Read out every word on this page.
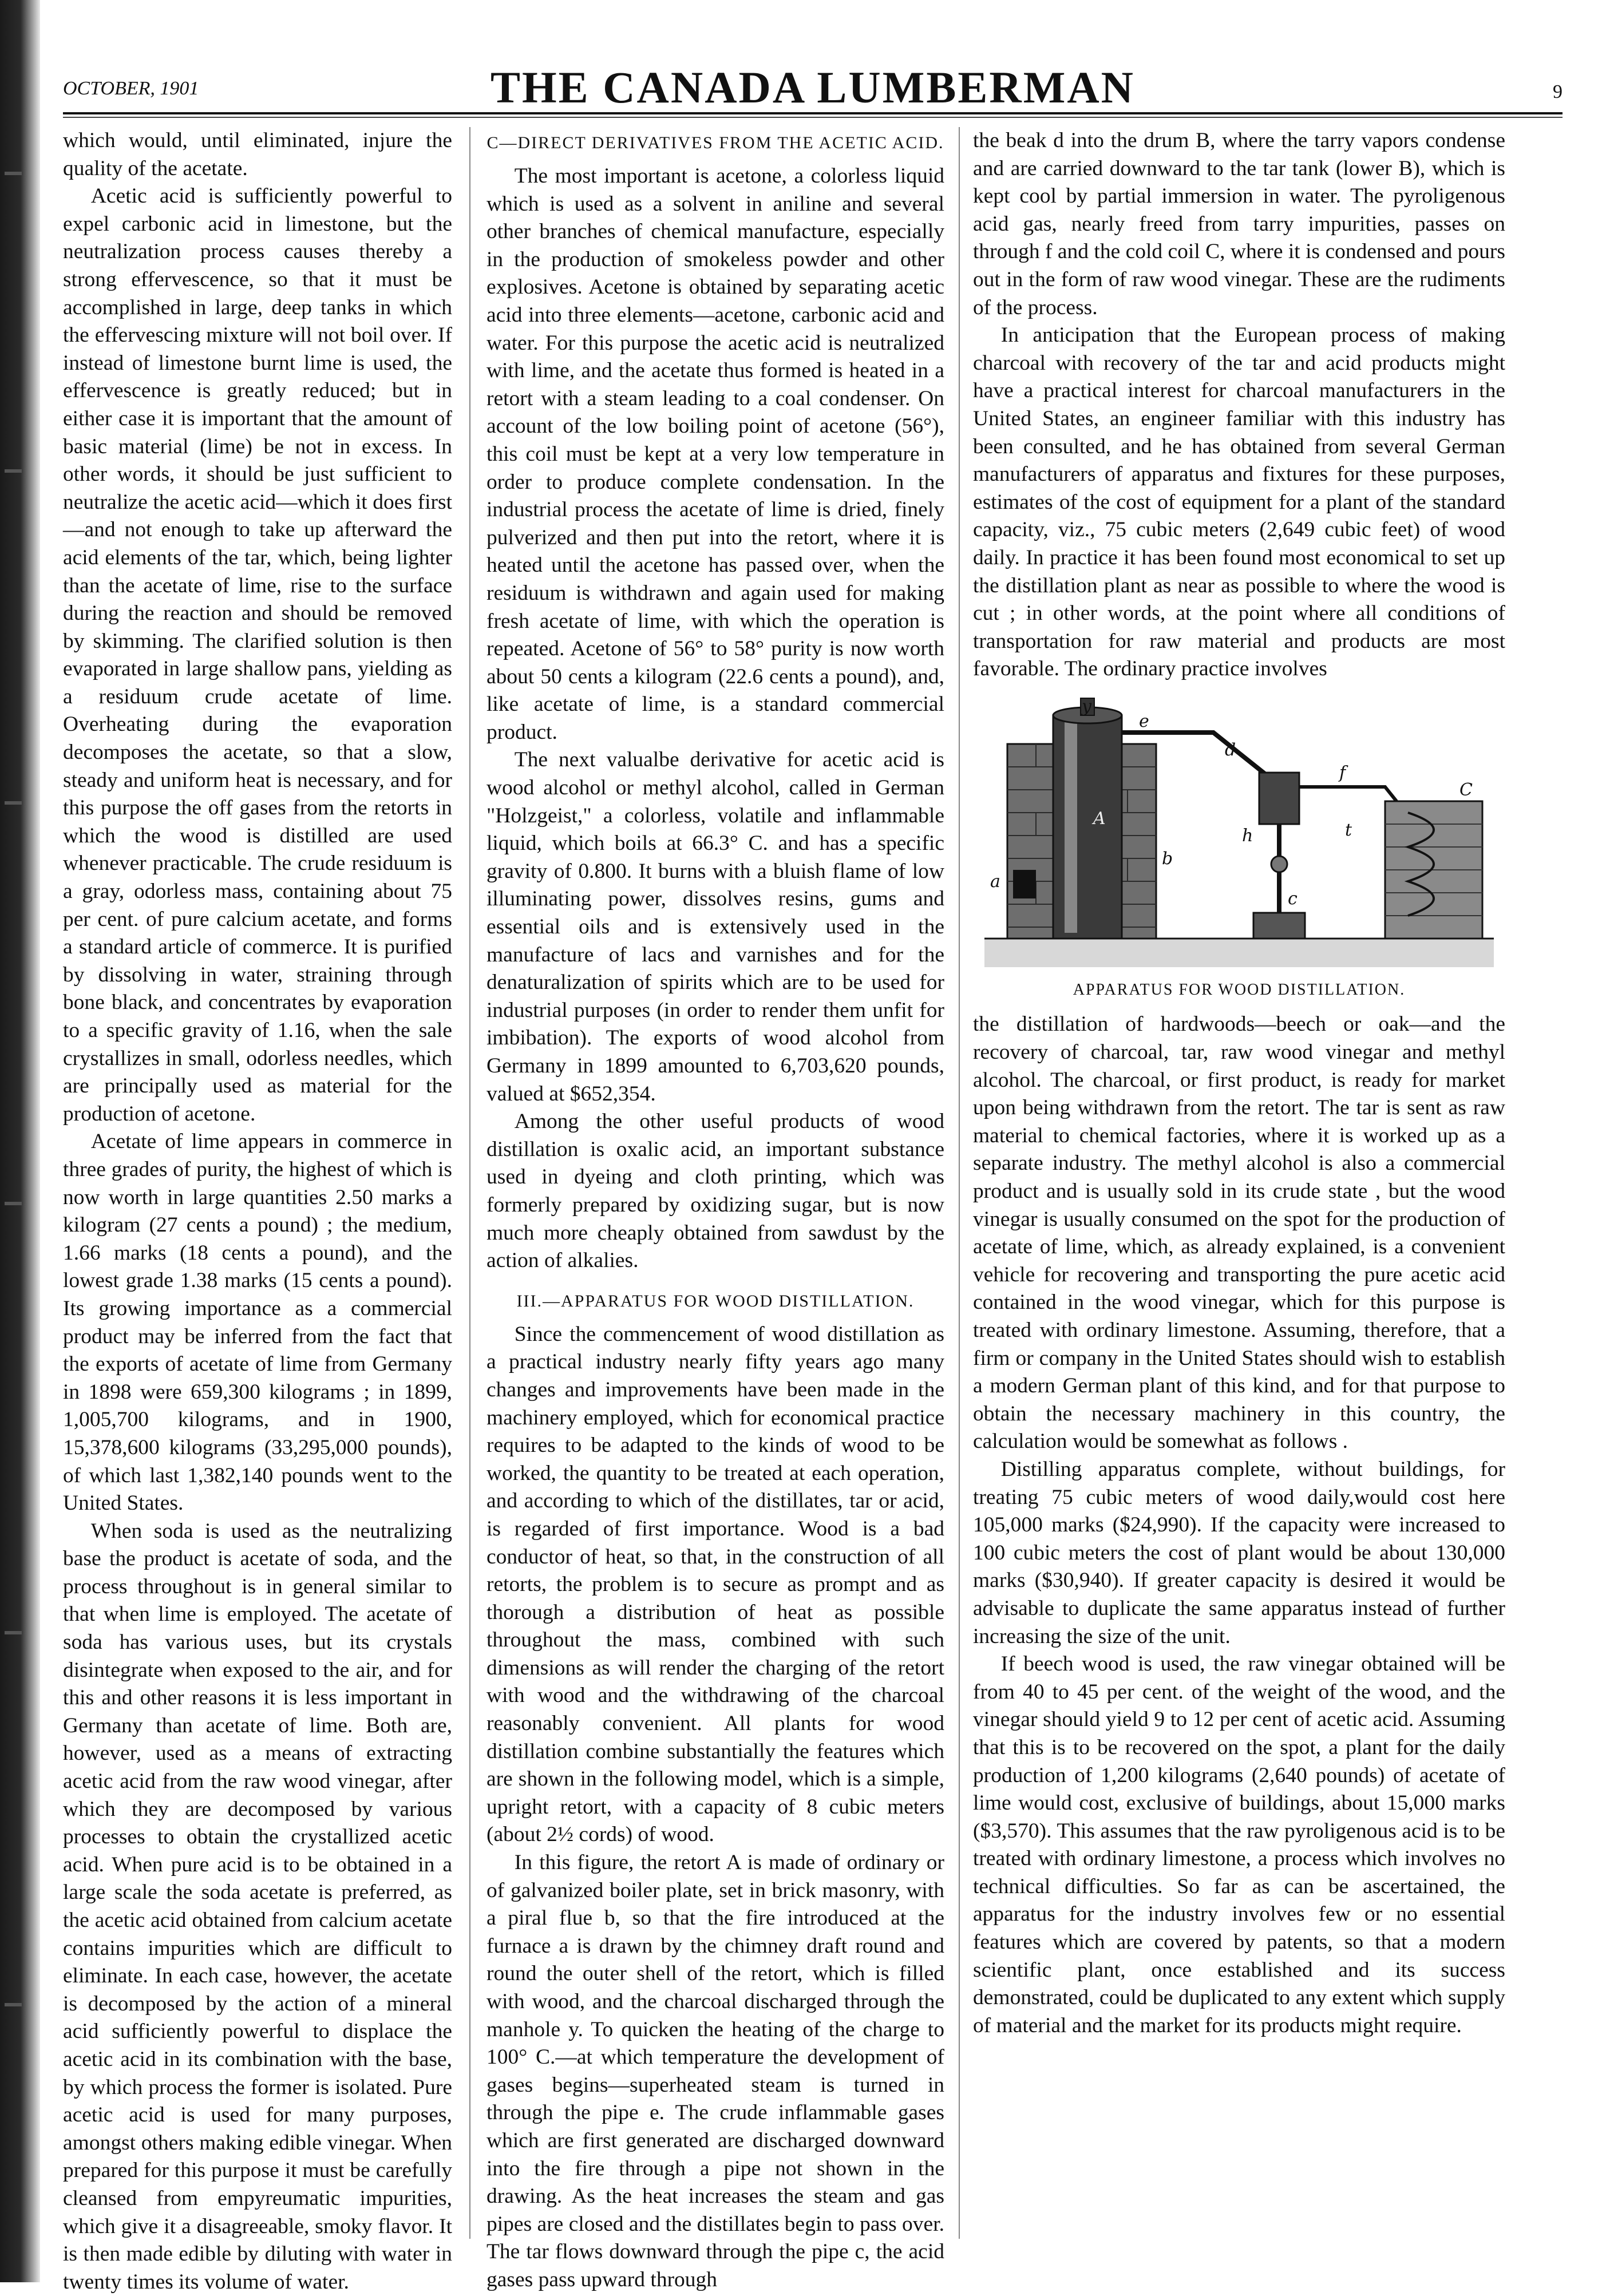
OCTOBER, 1901	THE CANADA LUMBERMAN	9

which would, until eliminated, injure the quality of the acetate.

Acetic acid is sufficiently powerful to expel carbonic acid in limestone, but the neutralization process causes thereby a strong effervescence, so that it must be accomplished in large, deep tanks in which the effervescing mixture will not boil over. If instead of limestone burnt lime is used, the effervescence is greatly reduced; but in either case it is important that the amount of basic material (lime) be not in excess. In other words, it should be just sufficient to neutralize the acetic acid—which it does first—and not enough to take up afterward the acid elements of the tar, which, being lighter than the acetate of lime, rise to the surface during the reaction and should be removed by skimming. The clarified solution is then evaporated in large shallow pans, yielding as a residuum crude acetate of lime. Overheating during the evaporation decomposes the acetate, so that a slow, steady and uniform heat is necessary, and for this purpose the off gases from the retorts in which the wood is distilled are used whenever practicable. The crude residuum is a gray, odorless mass, containing about 75 per cent. of pure calcium acetate, and forms a standard article of commerce. It is purified by dissolving in water, straining through bone black, and concentrates by evaporation to a specific gravity of 1.16, when the sale crystallizes in small, odorless needles, which are principally used as material for the production of acetone.

Acetate of lime appears in commerce in three grades of purity, the highest of which is now worth in large quantities 2.50 marks a kilogram (27 cents a pound) ; the medium, 1.66 marks (18 cents a pound), and the lowest grade 1.38 marks (15 cents a pound). Its growing importance as a commercial product may be inferred from the fact that the exports of acetate of lime from Germany in 1898 were 659,300 kilograms ; in 1899, 1,005,700 kilograms, and in 1900, 15,378,600 kilograms (33,295,000 pounds), of which last 1,382,140 pounds went to the United States.

When soda is used as the neutralizing base the product is acetate of soda, and the process throughout is in general similar to that when lime is employed. The acetate of soda has various uses, but its crystals disintegrate when exposed to the air, and for this and other reasons it is less important in Germany than acetate of lime. Both are, however, used as a means of extracting acetic acid from the raw wood vinegar, after which they are decomposed by various processes to obtain the crystallized acetic acid. When pure acid is to be obtained in a large scale the soda acetate is preferred, as the acetic acid obtained from calcium acetate contains impurities which are difficult to eliminate. In each case, however, the acetate is decomposed by the action of a mineral acid sufficiently powerful to displace the acetic acid in its combination with the base, by which process the former is isolated. Pure acetic acid is used for many purposes, amongst others making edible vinegar. When prepared for this purpose it must be carefully cleansed from empyreumatic impurities, which give it a disagreeable, smoky flavor. It is then made edible by diluting with water in twenty times its volume of water.

C—DIRECT DERIVATIVES FROM THE ACETIC ACID.

The most important is acetone, a colorless liquid which is used as a solvent in aniline and several other branches of chemical manufacture, especially in the production of smokeless powder and other explosives. Acetone is obtained by separating acetic acid into three elements—acetone, carbonic acid and water. For this purpose the acetic acid is neutralized with lime, and the acetate thus formed is heated in a retort with a steam leading to a coal condenser. On account of the low boiling point of acetone (56°), this coil must be kept at a very low temperature in order to produce complete condensation. In the industrial process the acetate of lime is dried, finely pulverized and then put into the retort, where it is heated until the acetone has passed over, when the residuum is withdrawn and again used for making fresh acetate of lime, with which the operation is repeated. Acetone of 56° to 58° purity is now worth about 50 cents a kilogram (22.6 cents a pound), and, like acetate of lime, is a standard commercial product.

The next valualbe derivative for acetic acid is wood alcohol or methyl alcohol, called in German "Holzgeist," a colorless, volatile and inflammable liquid, which boils at 66.3° C. and has a specific gravity of 0.800. It burns with a bluish flame of low illuminating power, dissolves resins, gums and essential oils and is extensively used in the manufacture of lacs and varnishes and for the denaturalization of spirits which are to be used for industrial purposes (in order to render them unfit for imbibation). The exports of wood alcohol from Germany in 1899 amounted to 6,703,620 pounds, valued at $652,354.

Among the other useful products of wood distillation is oxalic acid, an important substance used in dyeing and cloth printing, which was formerly prepared by oxidizing sugar, but is now much more cheaply obtained from sawdust by the action of alkalies.

III.—APPARATUS FOR WOOD DISTILLATION.

Since the commencement of wood distillation as a practical industry nearly fifty years ago many changes and improvements have been made in the machinery employed, which for economical practice requires to be adapted to the kinds of wood to be worked, the quantity to be treated at each operation, and according to which of the distillates, tar or acid, is regarded of first importance. Wood is a bad conductor of heat, so that, in the construction of all retorts, the problem is to secure as prompt and as thorough a distribution of heat as possible throughout the mass, combined with such dimensions as will render the charging of the retort with wood and the withdrawing of the charcoal reasonably convenient. All plants for wood distillation combine substantially the features which are shown in the following model, which is a simple, upright retort, with a capacity of 8 cubic meters (about 2½ cords) of wood.

In this figure, the retort A is made of ordinary or of galvanized boiler plate, set in brick masonry, with a piral flue b, so that the fire introduced at the furnace a is drawn by the chimney draft round and round the outer shell of the retort, which is filled with wood, and the charcoal discharged through the manhole y. To quicken the heating of the charge to 100° C.—at which temperature the development of gases begins—superheated steam is turned in through the pipe e. The crude inflammable gases which are first generated are discharged downward into the fire through a pipe not shown in the drawing. As the heat increases the steam and gas pipes are closed and the distillates begin to pass over. The tar flows downward through the pipe c, the acid gases pass upward through

the beak d into the drum B, where the tarry vapors condense and are carried downward to the tar tank (lower B), which is kept cool by partial immersion in water. The pyroligenous acid gas, nearly freed from tarry impurities, passes on through f and the cold coil C, where it is condensed and pours out in the form of raw wood vinegar. These are the rudiments of the process.

In anticipation that the European process of making charcoal with recovery of the tar and acid products might have a practical interest for charcoal manufacturers in the United States, an engineer familiar with this industry has been consulted, and he has obtained from several German manufacturers of apparatus and fixtures for these purposes, estimates of the cost of equipment for a plant of the standard capacity, viz., 75 cubic meters (2,649 cubic feet) of wood daily. In practice it has been found most economical to set up the distillation plant as near as possible to where the wood is cut ; in other words, at the point where all conditions of transportation for raw material and products are most favorable. The ordinary practice involves

y
A
a
b
d
e
f
h
c
C
t
APPARATUS FOR WOOD DISTILLATION.

the distillation of hardwoods—beech or oak—and the recovery of charcoal, tar, raw wood vinegar and methyl alcohol. The charcoal, or first product, is ready for market upon being withdrawn from the retort. The tar is sent as raw material to chemical factories, where it is worked up as a separate industry. The methyl alcohol is also a commercial product and is usually sold in its crude state , but the wood vinegar is usually consumed on the spot for the production of acetate of lime, which, as already explained, is a convenient vehicle for recovering and transporting the pure acetic acid contained in the wood vinegar, which for this purpose is treated with ordinary limestone. Assuming, therefore, that a firm or company in the United States should wish to establish a modern German plant of this kind, and for that purpose to obtain the necessary machinery in this country, the calculation would be somewhat as follows .

Distilling apparatus complete, without buildings, for treating 75 cubic meters of wood daily,would cost here 105,000 marks ($24,990). If the capacity were increased to 100 cubic meters the cost of plant would be about 130,000 marks ($30,940). If greater capacity is desired it would be advisable to duplicate the same apparatus instead of further increasing the size of the unit.

If beech wood is used, the raw vinegar obtained will be from 40 to 45 per cent. of the weight of the wood, and the vinegar should yield 9 to 12 per cent of acetic acid. Assuming that this is to be recovered on the spot, a plant for the daily production of 1,200 kilograms (2,640 pounds) of acetate of lime would cost, exclusive of buildings, about 15,000 marks ($3,570). This assumes that the raw pyroligenous acid is to be treated with ordinary limestone, a process which involves no technical difficulties. So far as can be ascertained, the apparatus for the industry involves few or no essential features which are covered by patents, so that a modern scientific plant, once established and its success demonstrated, could be duplicated to any extent which supply of material and the market for its products might require.
